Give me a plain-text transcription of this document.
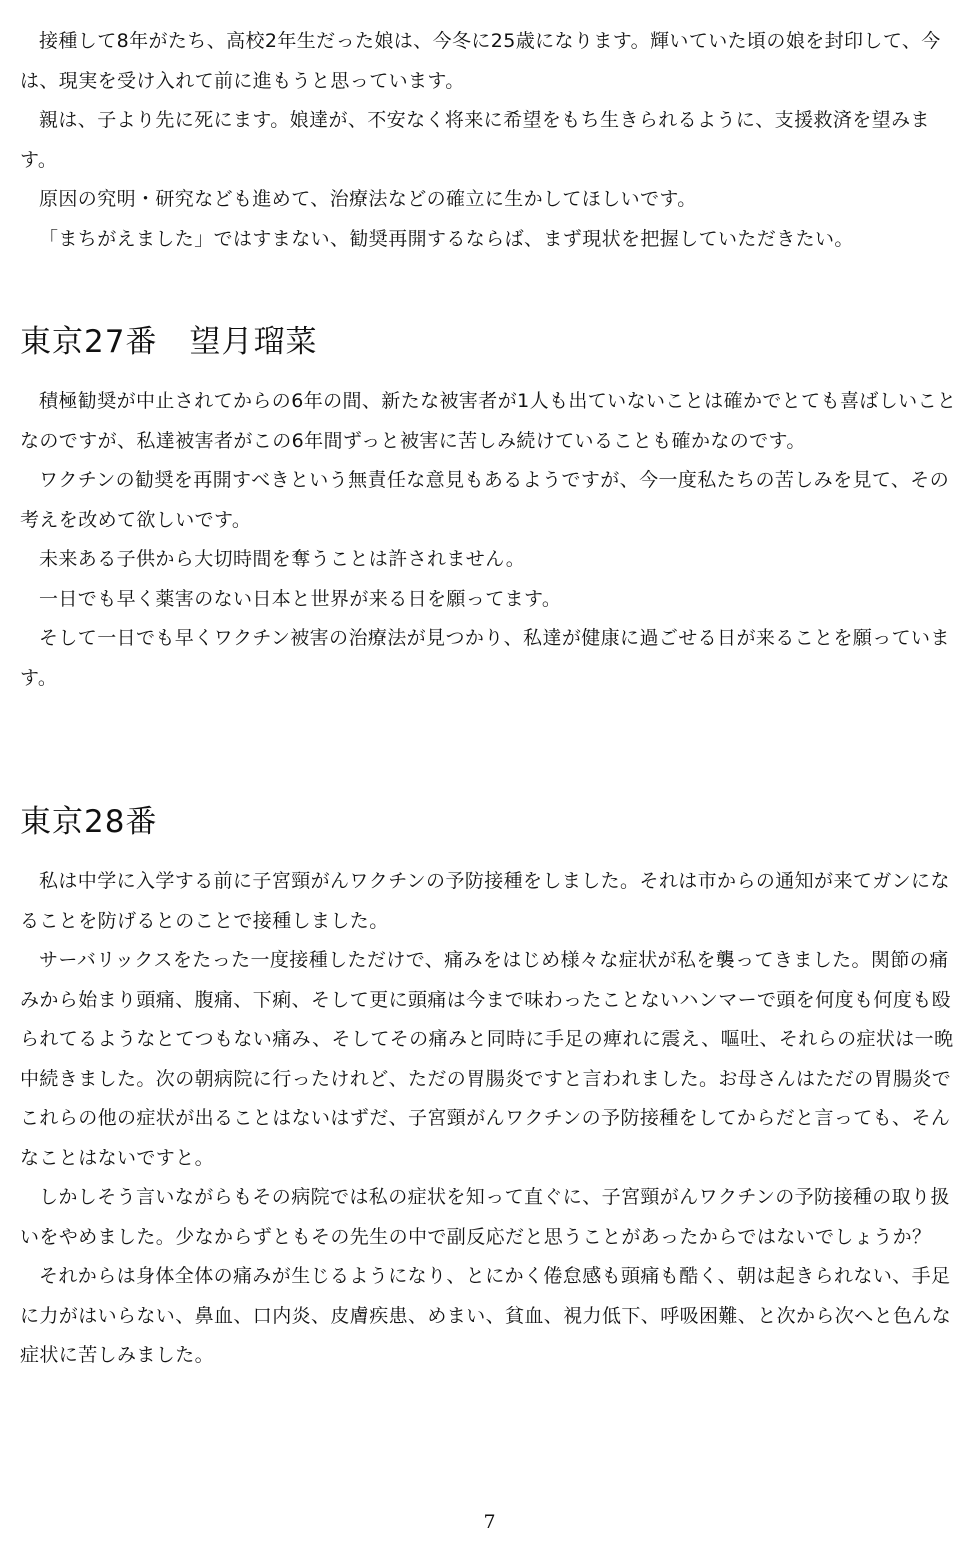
接種して8年がたち、高校2年生だった娘は、今冬に25歳になります。輝いていた頃の娘を封印して、今は、現実を受け入れて前に進もうと思っています。

親は、子より先に死にます。娘達が、不安なく将来に希望をもち生きられるように、支援救済を望みます。

原因の究明・研究なども進めて、治療法などの確立に生かしてほしいです。

「まちがえました」ではすまない、勧奨再開するならば、まず現状を把握していただきたい。

東京27番　望月瑠菜

積極勧奨が中止されてからの6年の間、新たな被害者が1人も出ていないことは確かでとても喜ばしいことなのですが、私達被害者がこの6年間ずっと被害に苦しみ続けていることも確かなのです。

ワクチンの勧奨を再開すべきという無責任な意見もあるようですが、今一度私たちの苦しみを見て、その考えを改めて欲しいです。

未来ある子供から大切時間を奪うことは許されません。

一日でも早く薬害のない日本と世界が来る日を願ってます。

そして一日でも早くワクチン被害の治療法が見つかり、私達が健康に過ごせる日が来ることを願っています。

東京28番

私は中学に入学する前に子宮頸がんワクチンの予防接種をしました。それは市からの通知が来てガンになることを防げるとのことで接種しました。

サーバリックスをたった一度接種しただけで、痛みをはじめ様々な症状が私を襲ってきました。関節の痛みから始まり頭痛、腹痛、下痢、そして更に頭痛は今まで味わったことないハンマーで頭を何度も何度も殴られてるようなとてつもない痛み、そしてその痛みと同時に手足の痺れに震え、嘔吐、それらの症状は一晩中続きました。次の朝病院に行ったけれど、ただの胃腸炎ですと言われました。お母さんはただの胃腸炎でこれらの他の症状が出ることはないはずだ、子宮頸がんワクチンの予防接種をしてからだと言っても、そんなことはないですと。

しかしそう言いながらもその病院では私の症状を知って直ぐに、子宮頸がんワクチンの予防接種の取り扱いをやめました。少なからずともその先生の中で副反応だと思うことがあったからではないでしょうか？

それからは身体全体の痛みが生じるようになり、とにかく倦怠感も頭痛も酷く、朝は起きられない、手足に力がはいらない、鼻血、口内炎、皮膚疾患、めまい、貧血、視力低下、呼吸困難、と次から次へと色んな症状に苦しみました。

7
